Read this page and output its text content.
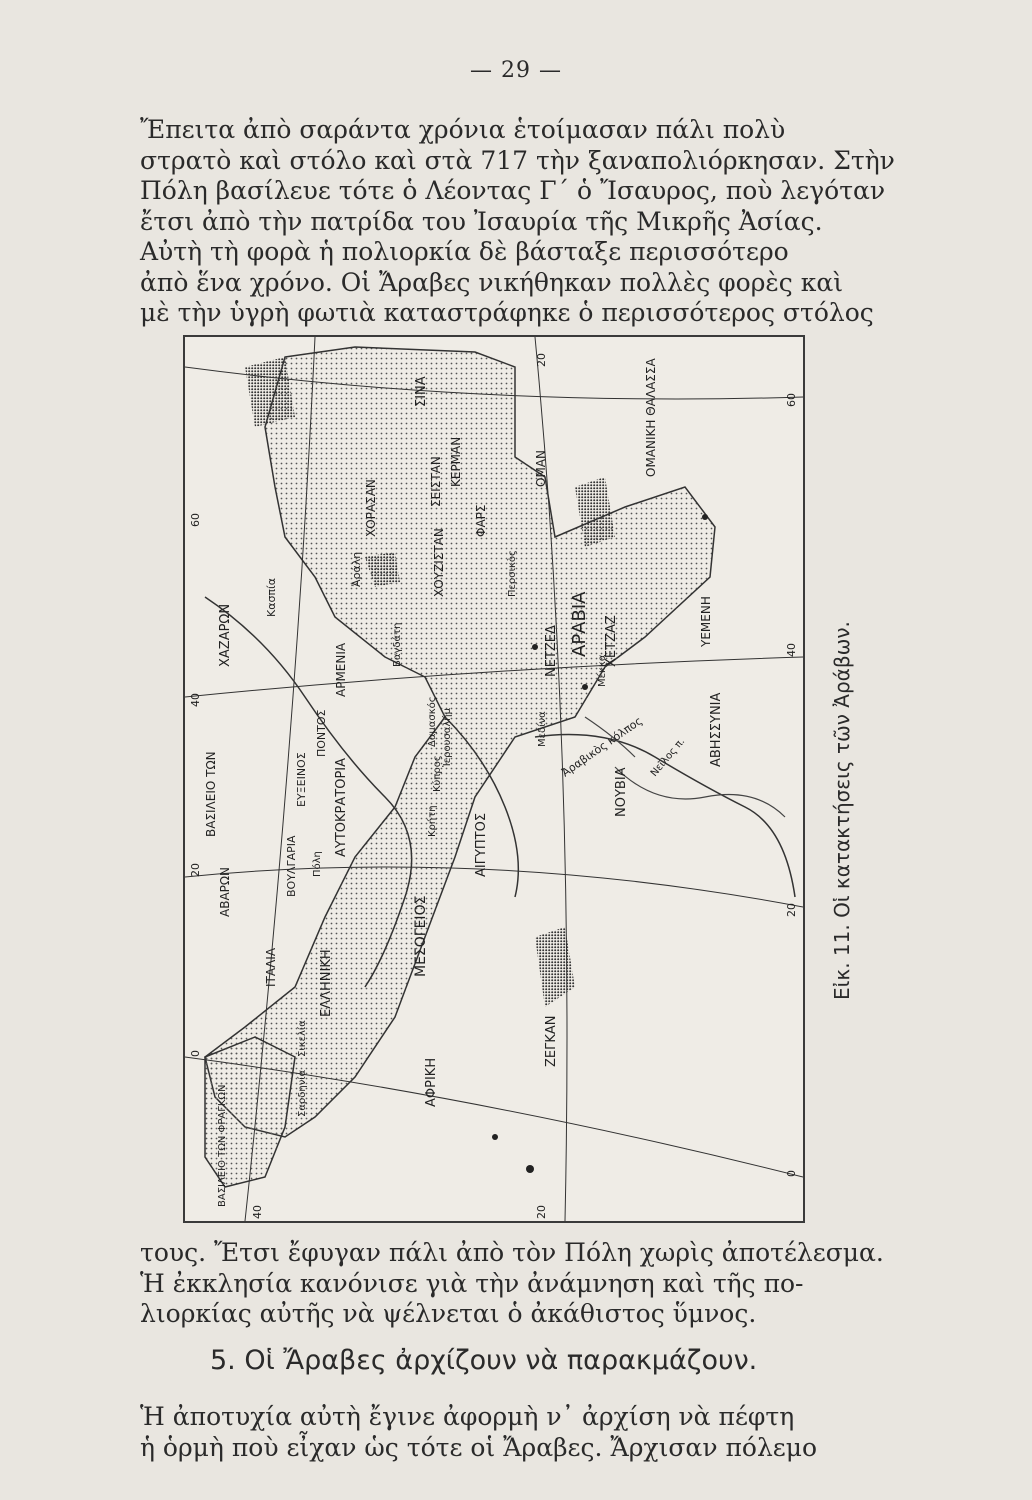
— 29 —

Ἔπειτα ἀπὸ σαράντα χρόνια ἑτοίμασαν πάλι πολὺ
στρατὸ καὶ στόλο καὶ στὰ 717 τὴν ξαναπολιόρκησαν. Στὴν
Πόλη βασίλευε τότε ὁ Λέοντας Γ΄ ὁ Ἴσαυρος, ποὺ λεγόταν
ἔτσι ἀπὸ τὴν πατρίδα του Ἰσαυρία τῆς Μικρῆς Ἀσίας.
Αὐτὴ τὴ φορὰ ἡ πολιορκία δὲ βάσταξε περισσότερο
ἀπὸ ἕνα χρόνο. Οἱ Ἄραβες νικήθηκαν πολλὲς φορὲς καὶ
μὲ τὴν ὑγρὴ φωτιὰ καταστράφηκε ὁ περισσότερος στόλος

ΧΑΖΑΡΩΝ
ΒΑΣΙΛΕΙΟ ΤΩΝ
ΑΒΑΡΩΝ
ΑΥΤΟΚΡΑΤΟΡΙΑ
ΕΛΛΗΝΙΚΗ
ΜΕΣΟΓΕΙΟΣ
ΑΦΡΙΚΗ
ΑΙΓΥΠΤΟΣ
ΝΟΥΒΙΑ
ΑΒΗΣΣΥΝΙΑ
ΑΡΑΒΙΑ
ΝΕΤΖΕΔ	ΧΕΤΖΑΖ	ΥΕΜΕΝΗ
ΟΜΑΝ
ΦΑΡΣ
ΚΕΡΜΑΝ
ΣΕΙΣΤΑΝ
ΧΟΡΑΣΑΝ
ΧΟΥΖΙΣΤΑΝ
ΑΡΜΕΝΙΑ
ΣΙΝΑ
ΖΕΓΚΑΝ
ΙΤΑΛΙΑ
ΒΟΥΛΓΑΡΙΑ
ΠΟΝΤΟΣ
ΕΥΞΕΙΝΟΣ
Κασπία
Ἀράλη
Βαγδάτη
Δαμασκός Ἱερουσαλήμ
Μέκκα
Μεδίνα Ἀραβικὸς κόλπος
Περσικὸς
ΟΜΑΝΙΚΗ ΘΑΛΑΣΣΑ
Σικελία
Σαρδηνία
Κρήτη
Κύπρος
Πόλη
Νεῖλος π.
ΒΑΣΙΛΕΙΟ ΤΩΝ ΦΡΑΓΚΩΝ
60
40
20
0
40	20
0
20
40
60
20
Εἰκ. 11. Οἱ κατακτήσεις τῶν Ἀράβων.

τους. Ἔτσι ἔφυγαν πάλι ἀπὸ τὸν Πόλη χωρὶς ἀποτέλεσμα.
Ἡ ἐκκλησία κανόνισε γιὰ τὴν ἀνάμνηση καὶ τῆς πο-
λιορκίας αὐτῆς νὰ ψέλνεται ὁ ἀκάθιστος ὕμνος.

5. Οἱ Ἄραβες ἀρχίζουν νὰ παρακμάζουν.

Ἡ ἀποτυχία αὐτὴ ἔγινε ἀφορμὴ ν᾽ ἀρχίση νὰ πέφτη
ἡ ὁρμὴ ποὺ εἶχαν ὡς τότε οἱ Ἄραβες. Ἄρχισαν πόλεμο
